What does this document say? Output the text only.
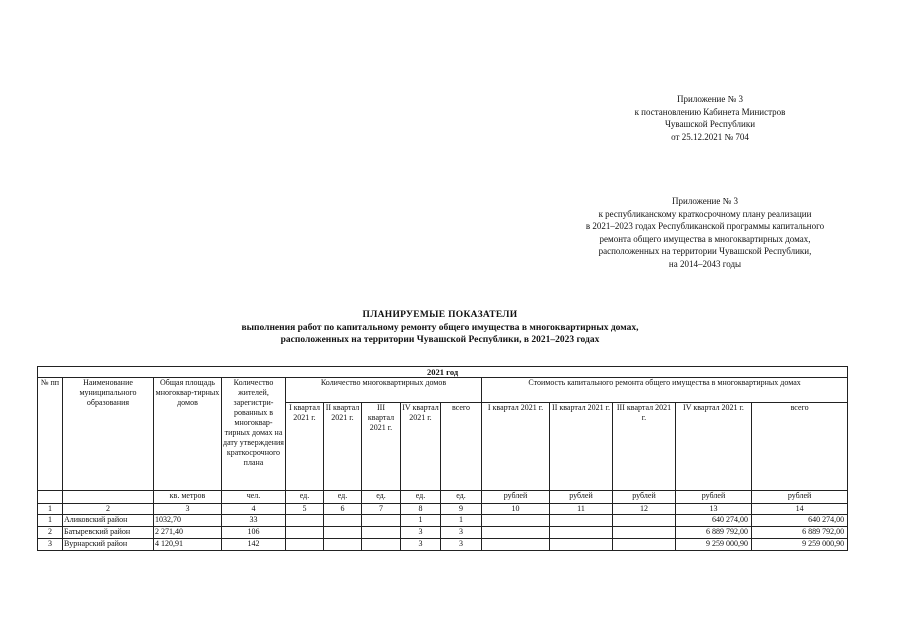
Приложение № 3
к постановлению Кабинета Министров
Чувашской Республики
от 25.12.2021 № 704
Приложение № 3
к республиканскому краткосрочному плану реализации
в 2021–2023 годах Республиканской программы капитального
ремонта общего имущества в многоквартирных домах,
расположенных на территории Чувашской Республики,
на 2014–2043 годы
ПЛАНИРУЕМЫЕ ПОКАЗАТЕЛИ
выполнения работ по капитальному ремонту общего имущества в многоквартирных домах,
расположенных на территории Чувашской Республики, в 2021–2023 годах
2021 год													
№ пп	Наименование муниципального образования	Общая площадь многоквар-тирных домов	Количество жителей, зарегистри-рованных в многоквар-тирных домах на дату утверждения краткосрочного плана	Количество многоквартирных домов					Стоимость капитального ремонта общего имущества в многоквартирных домах				
				I квартал 2021 г.	II квартал 2021 г.	III квартал 2021 г.	IV квартал 2021 г.	всего	I квартал 2021 г.	II квартал 2021 г.	III квартал 2021 г.	IV квартал 2021 г.	всего
		кв. метров	чел.	ед.	ед.	ед.	ед.	ед.	рублей	рублей	рублей	рублей	рублей
1	2	3	4	5	6	7	8	9	10	11	12	13	14
1	Аликовский район	1032,70	33				1	1				640 274,00	640 274,00
2	Батыревский район	2 271,40	106				3	3				6 889 792,00	6 889 792,00
3	Вурнарский район	4 120,91	142				3	3				9 259 000,90	9 259 000,90
